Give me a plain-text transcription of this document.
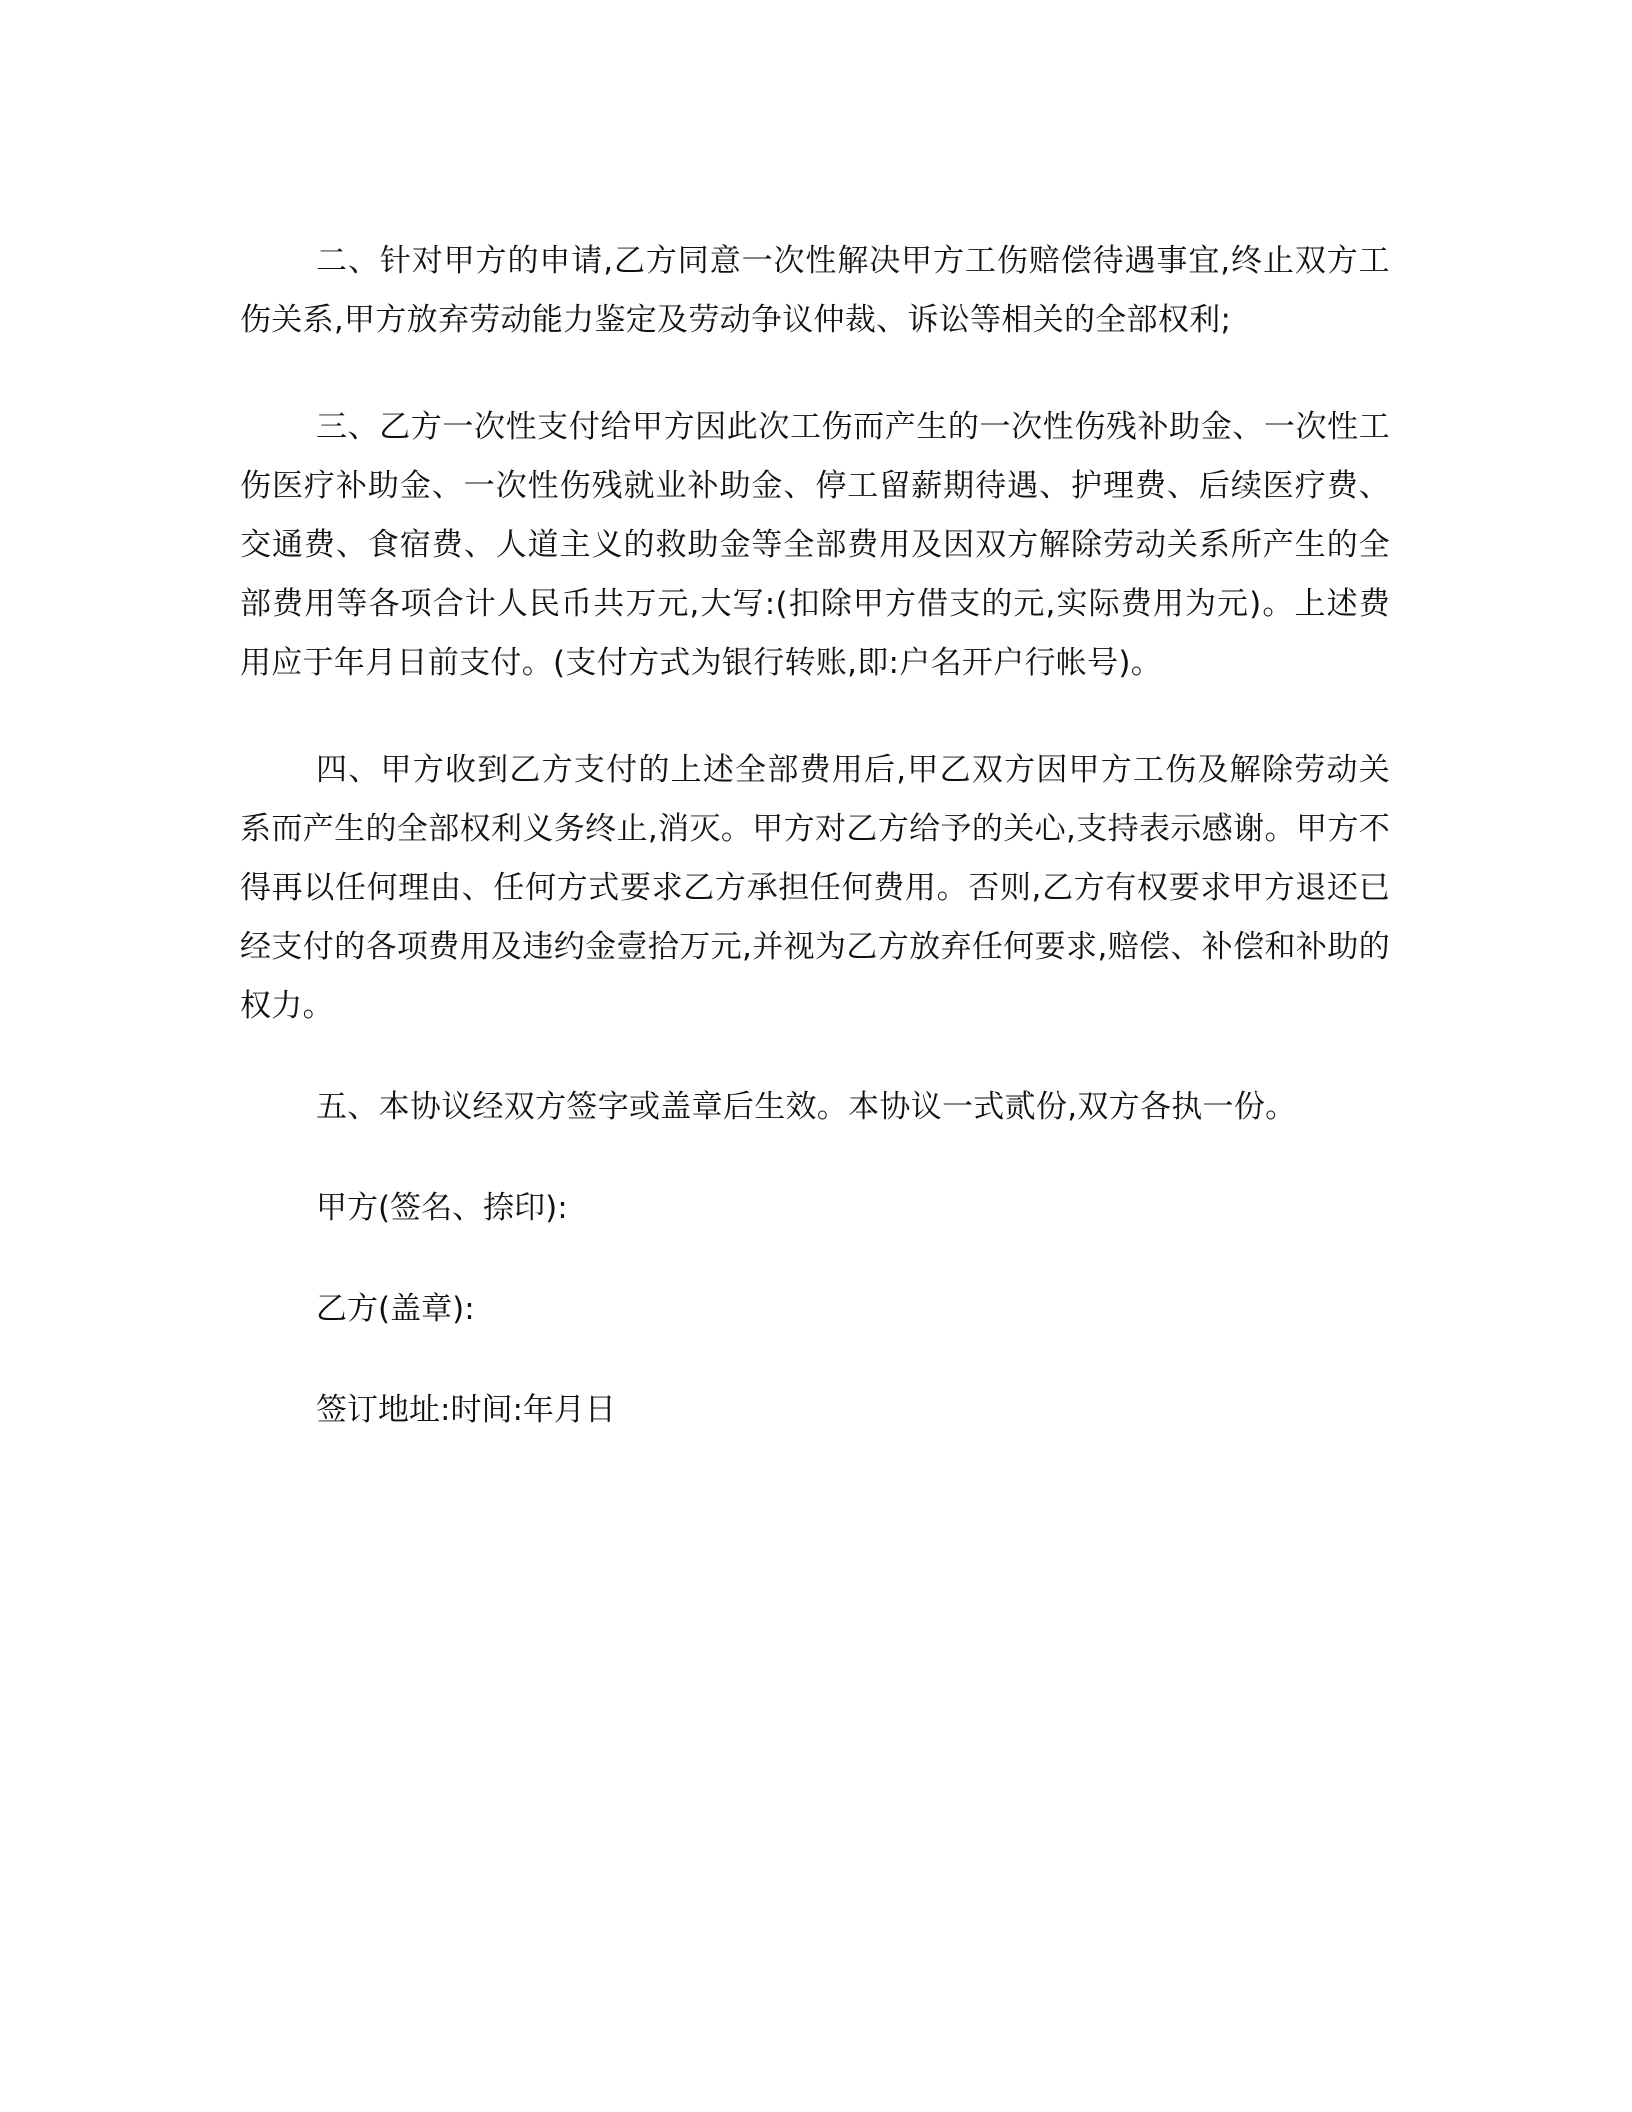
二、针对甲方的申请,乙方同意一次性解决甲方工伤赔偿待遇事宜,终止双方工伤关系,甲方放弃劳动能力鉴定及劳动争议仲裁、诉讼等相关的全部权利;

三、乙方一次性支付给甲方因此次工伤而产生的一次性伤残补助金、一次性工伤医疗补助金、一次性伤残就业补助金、停工留薪期待遇、护理费、后续医疗费、交通费、食宿费、人道主义的救助金等全部费用及因双方解除劳动关系所产生的全部费用等各项合计人民币共万元,大写:(扣除甲方借支的元,实际费用为元)。上述费用应于年月日前支付。(支付方式为银行转账,即:户名开户行帐号)。

四、甲方收到乙方支付的上述全部费用后,甲乙双方因甲方工伤及解除劳动关系而产生的全部权利义务终止,消灭。甲方对乙方给予的关心,支持表示感谢。甲方不得再以任何理由、任何方式要求乙方承担任何费用。否则,乙方有权要求甲方退还已经支付的各项费用及违约金壹拾万元,并视为乙方放弃任何要求,赔偿、补偿和补助的权力。

五、本协议经双方签字或盖章后生效。本协议一式贰份,双方各执一份。

甲方(签名、捺印):

乙方(盖章):

签订地址:时间:年月日
